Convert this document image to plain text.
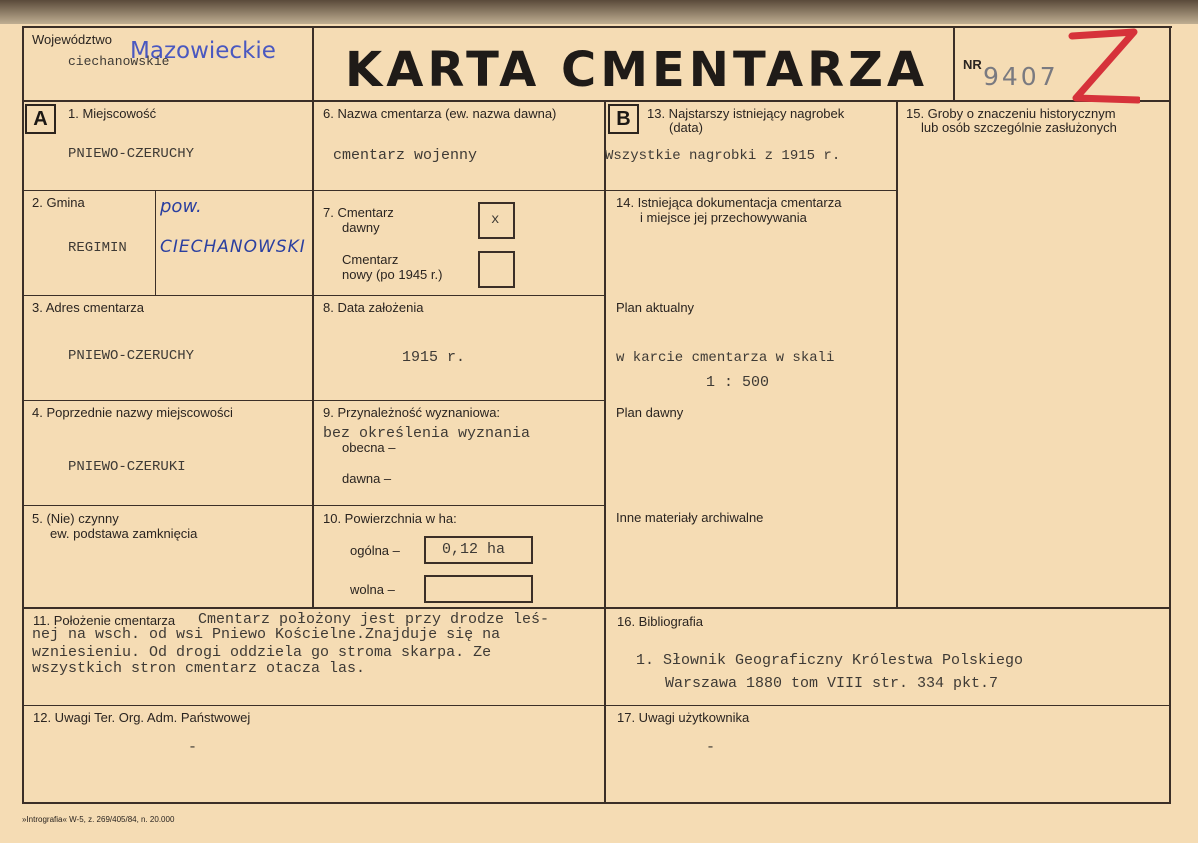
Województwo Mazowieckie
ciechanowskie	KARTA CMENTARZA	NR 9407
A	B
1. Miejscowość
PNIEWO-CZERUCHY
2. Gmina
REGIMIN
pow.
CIECHANOWSKI
3. Adres cmentarza
PNIEWO-CZERUCHY
4. Poprzednie nazwy miejscowości
PNIEWO-CZERUKI
5. (Nie) czynny
ew. podstawa zamknięcia
6. Nazwa cmentarza (ew. nazwa dawna)
cmentarz wojenny
7. Cmentarz
dawny	x
Cmentarz
nowy (po 1945 r.)
8. Data założenia
1915 r.
9. Przynależność wyznaniowa:
bez określenia wyznania
obecna –
dawna –
10. Powierzchnia w ha:
ogólna –	0,12 ha
wolna –
11. Położenie cmentarza Cmentarz położony jest przy drodze leś-
nej na wsch. od wsi Pniewo Kościelne.Znajduje się na
wzniesieniu. Od drogi oddziela go stroma skarpa. Ze
wszystkich stron cmentarz otacza las.
12. Uwagi Ter. Org. Adm. Państwowej
-
13. Najstarszy istniejący nagrobek
(data)
Wszystkie nagrobki z 1915 r.
14. Istniejąca dokumentacja cmentarza
i miejsce jej przechowywania
Plan aktualny
w karcie cmentarza w skali
1 : 500
Plan dawny
Inne materiały archiwalne
15. Groby o znaczeniu historycznym
lub osób szczególnie zasłużonych
16. Bibliografia
1. Słownik Geograficzny Królestwa Polskiego
Warszawa 1880 tom VIII str. 334 pkt.7
17. Uwagi użytkownika
-
»Intrografia« W-5, z. 269/405/84, n. 20.000
